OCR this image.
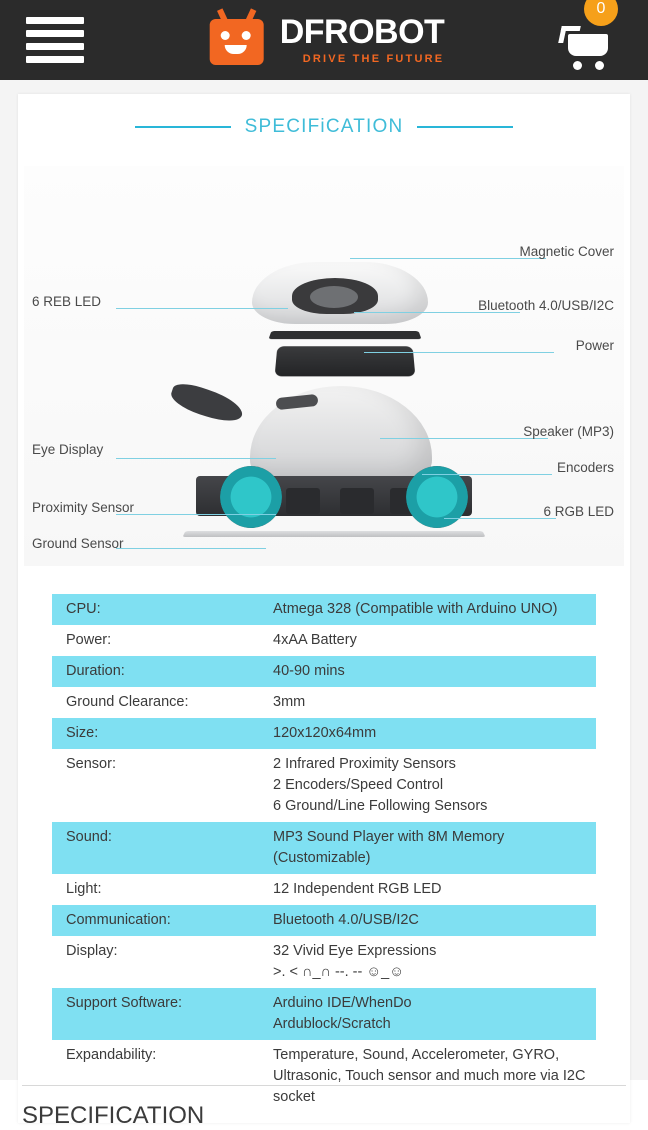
DFROBOT
DRIVE THE FUTURE
0
SPECIFiCATION
Magnetic Cover
6 REB LED	Bluetooth 4.0/USB/I2C
Power
Speaker (MP3)
Eye Display
Encoders
Proximity Sensor	6 RGB LED
Ground Sensor
CPU:	Atmega 328 (Compatible with Arduino UNO)

Power:	4xAA Battery

Duration:	40-90 mins

Ground Clearance:	3mm

Size:	120x120x64mm

Sensor:	2 Infrared Proximity Sensors
2 Encoders/Speed Control
6 Ground/Line Following Sensors

Sound:	MP3 Sound Player with 8M Memory
(Customizable)

Light:	12 Independent RGB LED

Communication:	Bluetooth 4.0/USB/I2C

Display:	32 Vivid Eye Expressions
>. < ∩_∩ --. -- ☺_☺

Support Software:	Arduino IDE/WhenDo
Ardublock/Scratch

Expandability:	Temperature, Sound, Accelerometer, GYRO,
Ultrasonic, Touch sensor and much more via I2C
socket
SPECIFICATION
